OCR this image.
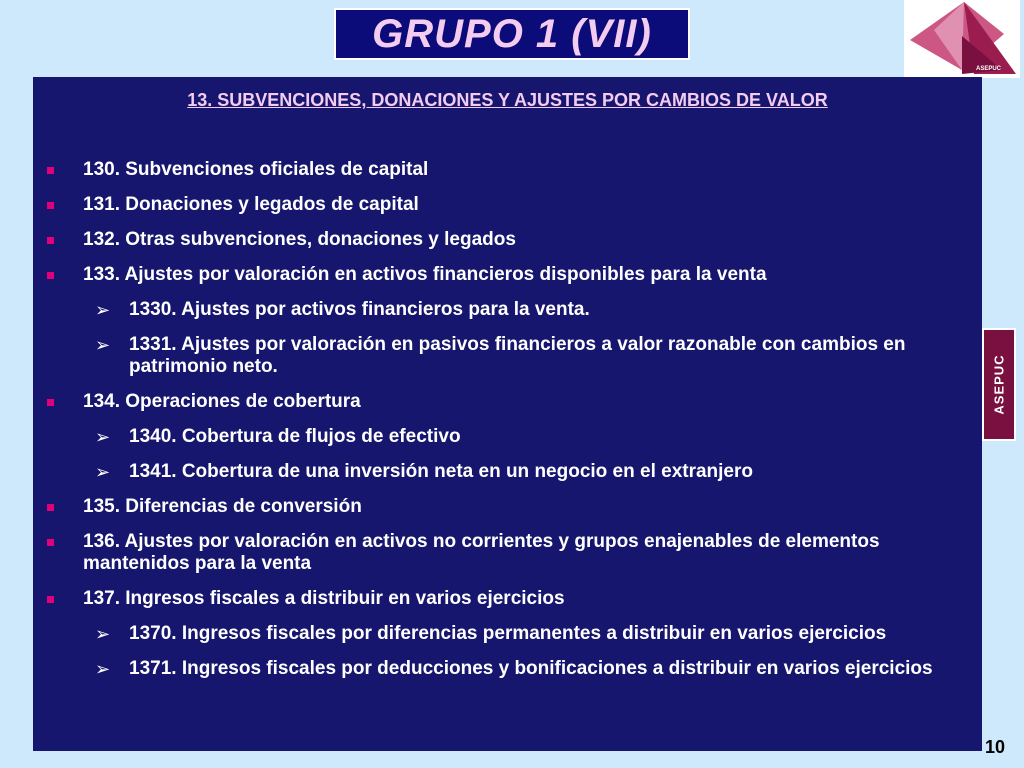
GRUPO 1 (VII)
ASEPUC
13. SUBVENCIONES, DONACIONES Y AJUSTES POR CAMBIOS DE VALOR
130. Subvenciones oficiales de capital
131. Donaciones y legados de capital
132. Otras subvenciones, donaciones y legados
133. Ajustes por valoración en activos financieros disponibles para la venta
➢ 1330. Ajustes por activos financieros para la venta.
➢ 1331. Ajustes por valoración en pasivos financieros a valor razonable con cambios en patrimonio neto.
134. Operaciones de cobertura
➢ 1340. Cobertura de flujos de efectivo
➢ 1341. Cobertura de una inversión neta en un negocio en el extranjero
135. Diferencias de conversión
136. Ajustes por valoración en activos no corrientes y grupos enajenables de elementos mantenidos para la venta
137. Ingresos fiscales a distribuir en varios ejercicios
➢ 1370. Ingresos fiscales por diferencias permanentes a distribuir en varios ejercicios
➢ 1371. Ingresos fiscales por deducciones y bonificaciones a distribuir en varios ejercicios
ASEPUC
10
